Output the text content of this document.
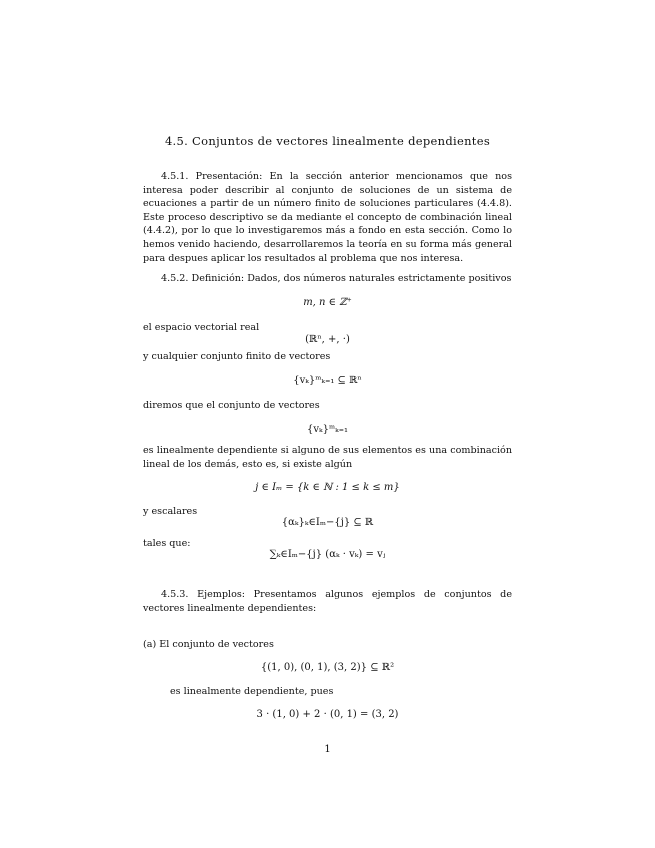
4.5. Conjuntos de vectores linealmente dependientes
4.5.1. Presentación: En la sección anterior mencionamos que nos interesa poder describir al conjunto de soluciones de un sistema de ecuaciones a partir de un número finito de soluciones particulares (4.4.8). Este proceso descriptivo se da mediante el concepto de combinación lineal (4.4.2), por lo que lo investigaremos más a fondo en esta sección. Como lo hemos venido haciendo, desarrollaremos la teoría en su forma más general para despues aplicar los resultados al problema que nos interesa.
4.5.2. Definición: Dados, dos números naturales estrictamente positivos
m, n ∈ ℤ⁺
el espacio vectorial real
(ℝⁿ, +, ·)
y cualquier conjunto finito de vectores
{vₖ}ᵐₖ₌₁ ⊆ ℝⁿ
diremos que el conjunto de vectores
{vₖ}ᵐₖ₌₁
es linealmente dependiente si alguno de sus elementos es una combinación lineal de los demás, esto es, si existe algún
j ∈ Iₘ = {k ∈ ℕ : 1 ≤ k ≤ m}
y escalares
{αₖ}ₖ∈Iₘ−{j} ⊆ ℝ
tales que:
∑ₖ∈Iₘ−{j} (αₖ · vₖ) = vⱼ
4.5.3. Ejemplos: Presentamos algunos ejemplos de conjuntos de vectores linealmente dependientes:
(a) El conjunto de vectores
{(1, 0), (0, 1), (3, 2)} ⊆ ℝ²
es linealmente dependiente, pues
3 · (1, 0) + 2 · (0, 1) = (3, 2)
1
